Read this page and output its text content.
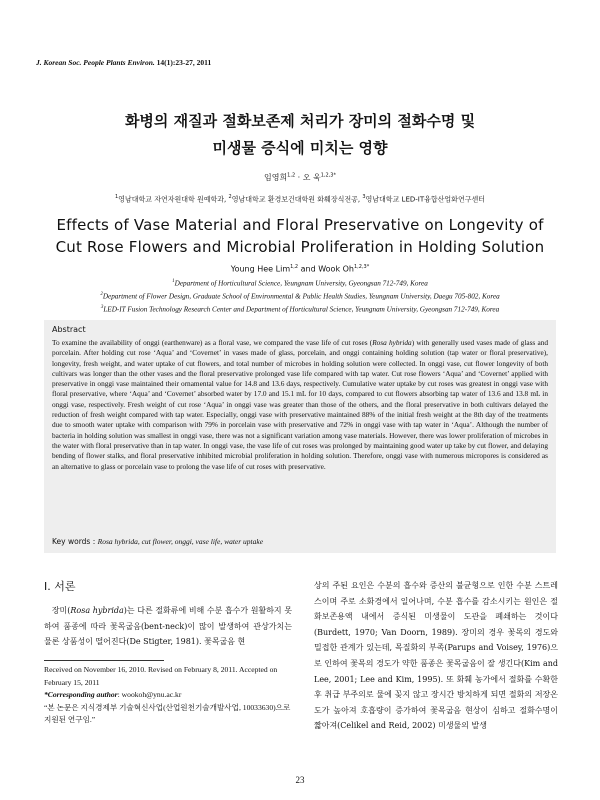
J. Korean Soc. People Plants Environ. 14(1):23-27, 2011
화병의 재질과 절화보존제 처리가 장미의 절화수명 및
미생물 증식에 미치는 영향
임영희$^{1,2}$ · 오 욱$^{1,2,3*}$
$^1$영남대학교 자연자원대학 원예학과, $^2$영남대학교 환경보건대학원 화훼장식전공, $^3$영남대학교 LED-IT융합산업화연구센터
Effects of Vase Material and Floral Preservative on Longevity of
Cut Rose Flowers and Microbial Proliferation in Holding Solution
Young Hee Lim$^{1,2}$ and Wook $Oh^{1,2,3*}$
$^1$Department of Horticultural Science, Yeungnam University, Gyeongsan 712-749, Korea
$^2$Department of Flower Design, Graduate School of Environmental & Public Health Studies, Yeungnam University, Daegu 705-802, Korea
$^3$LED-IT Fusion Technology Research Center and Department of Horticultural Science, Yeungnam University, Gyeongsan 712-749, Korea
Abstract
To examine the availability of onggi (earthenware) as a floral vase, we compared the vase life of cut roses (Rosa hybrida) with generally used vases made of glass and porcelain. After holding cut rose ‘Aqua’ and ‘Covernet’ in vases made of glass, porcelain, and onggi containing holding solution (tap water or floral preservative), longevity, fresh weight, and water uptake of cut flowers, and total number of microbes in holding solution were collected. In onggi vase, cut flower longevity of both cultivars was longer than the other vases and the floral preservative prolonged vase life compared with tap water. Cut rose flowers ‘Aqua’ and ‘Covernet’ applied with preservative in onggi vase maintained their ornamental value for 14.8 and 13.6 days, respectively. Cumulative water uptake by cut roses was greatest in onggi vase with floral preservative, where ‘Aqua’ and ‘Covernet’ absorbed water by 17.0 and 15.1 mL for 10 days, compared to cut flowers absorbing tap water of 13.6 and 13.8 mL in onggi vase, respectively. Fresh weight of cut rose ‘Aqua’ in onggi vase was greater than those of the others, and the floral preservative in both cultivars delayed the reduction of fresh weight compared with tap water. Especially, onggi vase with preservative maintained 88% of the initial fresh weight at the 8th day of the treatments due to smooth water uptake with comparison with 79% in porcelain vase with preservative and 72% in onggi vase with tap water in ‘Aqua’. Although the number of bacteria in holding solution was smallest in onggi vase, there was not a significant variation among vase materials. However, there was lower proliferation of microbes in the water with floral preservative than in tap water. In onggi vase, the vase life of cut roses was prolonged by maintaining good water up take by cut flower, and delaying bending of flower stalks, and floral preservative inhibited microbial proliferation in holding solution. Therefore, onggi vase with numerous micropores is considered as an alternative to glass or porcelain vase to prolong the vase life of cut roses with preservative.
Key words : Rosa hybrida, cut flower, onggi, vase life, water uptake
Ⅰ. 서론
장미(Rosa hybrida)는 다른 절화류에 비해 수분 흡수가 원활하지 못하여 품종에 따라 꽃목굽음(bent-neck)이 많이 발생하여 관상가치는 물론 상품성이 떨어진다(De Stigter, 1981). 꽃목굽음 현
Received on November 16, 2010. Revised on February 8, 2011. Accepted on February 15, 2011
*Corresponding author: wookoh@ynu.ac.kr
“본 논문은 지식경제부 기술혁신사업(산업원천기술개발사업, 10033630)으로 지원된 연구임.”
상의 주된 요인은 수분의 흡수와 증산의 불균형으로 인한 수분 스트레스이며 주로 소화경에서 일어나며, 수분 흡수를 감소시키는 원인은 절화보존용액 내에서 증식된 미생물이 도관을 폐쇄하는 것이다(Burdett, 1970; Van Doorn, 1989). 장미의 경우 꽃목의 경도와 밀접한 관계가 있는데, 목질화의 부족(Parups and Voisey, 1976)으로 인하여 꽃목의 경도가 약한 품종은 꽃목굽음이 잘 생긴다(Kim and Lee, 2001; Lee and Kim, 1995). 또 화훼 농가에서 절화를 수확한 후 취급 부주의로 물에 꽂지 않고 장시간 방치하게 되면 절화의 저장온도가 높아져 호흡량이 증가하여 꽃목굽음 현상이 심하고 절화수명이 짧아져(Celikel and Reid, 2002) 미생물의 발생
23
